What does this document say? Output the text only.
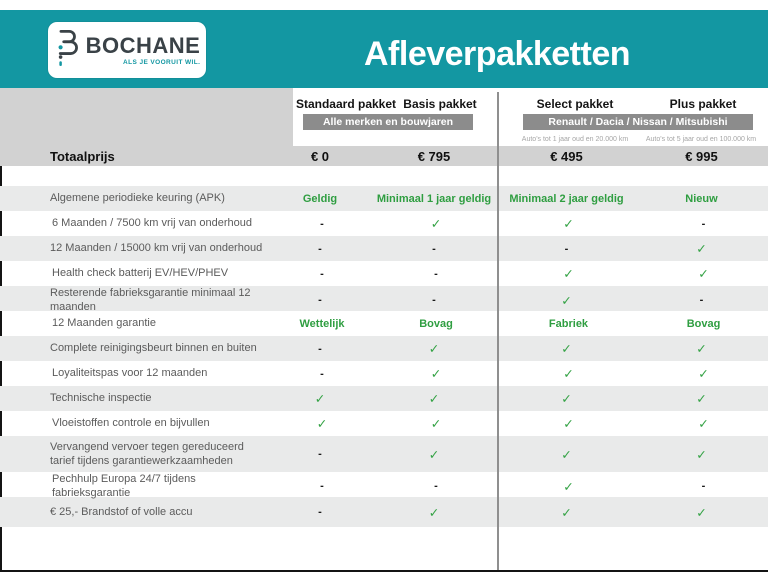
BOCHANE
ALS JE VOORUIT WIL.	Afleverpakketten
Standaard pakket Basis pakket	Select pakket	Plus pakket
Alle merken en bouwjaren	Renault / Dacia / Nissan / Mitsubishi
Auto's tot 1 jaar oud en 20.000 km	Auto's tot 5 jaar oud en 100.000 km
Totaalprijs	€ 0	€ 795	€ 495	€ 995
Algemene periodieke keuring (APK)	Geldig	Minimaal 1 jaar geldig	Minimaal 2 jaar geldig	Nieuw
6 Maanden / 7500 km vrij van onderhoud	-	✓	✓	-
12 Maanden / 15000 km vrij van onderhoud	-	-	-	✓
Health check batterij EV/HEV/PHEV	-	-	✓	✓
Resterende fabrieksgarantie minimaal 12 maanden
-	-	✓	-
12 Maanden garantie	Wettelijk	Bovag	Fabriek	Bovag
Complete reinigingsbeurt binnen en buiten	-	✓	✓	✓
Loyaliteitspas voor 12 maanden	-	✓	✓	✓
Technische inspectie	✓	✓	✓	✓
Vloeistoffen controle en bijvullen	✓	✓	✓	✓
Vervangend vervoer tegen gereduceerd tarief tijdens garantiewerkzaamheden
-	✓	✓	✓
Pechhulp Europa 24/7 tijdens fabrieksgarantie
-	-	✓	-
€ 25,- Brandstof of volle accu	-	✓	✓	✓
